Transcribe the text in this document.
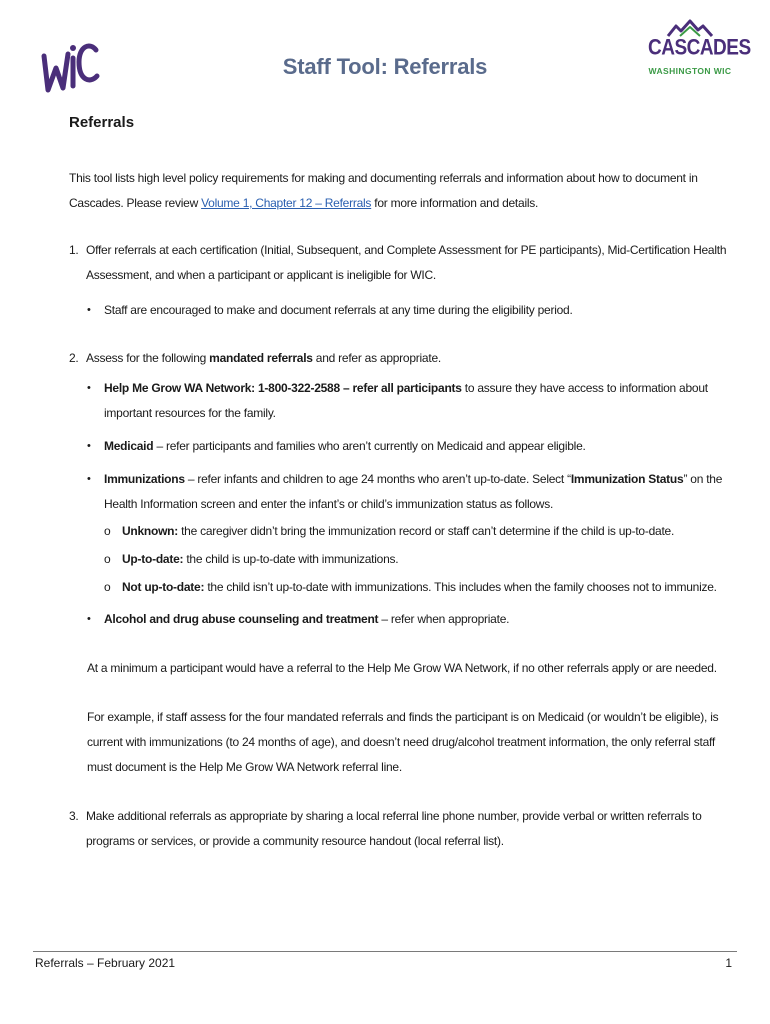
Staff Tool: Referrals
CASCADES
WASHINGTON WIC
Referrals
This tool lists high level policy requirements for making and documenting referrals and information about how to document in Cascades. Please review Volume 1, Chapter 12 – Referrals for more information and details.
1. Offer referrals at each certification (Initial, Subsequent, and Complete Assessment for PE participants), Mid-Certification Health Assessment, and when a participant or applicant is ineligible for WIC.
• Staff are encouraged to make and document referrals at any time during the eligibility period.
2. Assess for the following mandated referrals and refer as appropriate.
• Help Me Grow WA Network: 1-800-322-2588 – refer all participants to assure they have access to information about important resources for the family.
• Medicaid – refer participants and families who aren’t currently on Medicaid and appear eligible.
• Immunizations – refer infants and children to age 24 months who aren’t up-to-date. Select “Immunization Status” on the Health Information screen and enter the infant’s or child’s immunization status as follows.
o Unknown: the caregiver didn’t bring the immunization record or staff can’t determine if the child is up-to-date.
o Up-to-date: the child is up-to-date with immunizations.
o Not up-to-date: the child isn’t up-to-date with immunizations. This includes when the family chooses not to immunize.
• Alcohol and drug abuse counseling and treatment – refer when appropriate.
At a minimum a participant would have a referral to the Help Me Grow WA Network, if no other referrals apply or are needed.
For example, if staff assess for the four mandated referrals and finds the participant is on Medicaid (or wouldn’t be eligible), is current with immunizations (to 24 months of age), and doesn’t need drug/alcohol treatment information, the only referral staff must document is the Help Me Grow WA Network referral line.
3. Make additional referrals as appropriate by sharing a local referral line phone number, provide verbal or written referrals to programs or services, or provide a community resource handout (local referral list).
Referrals – February 2021	1
